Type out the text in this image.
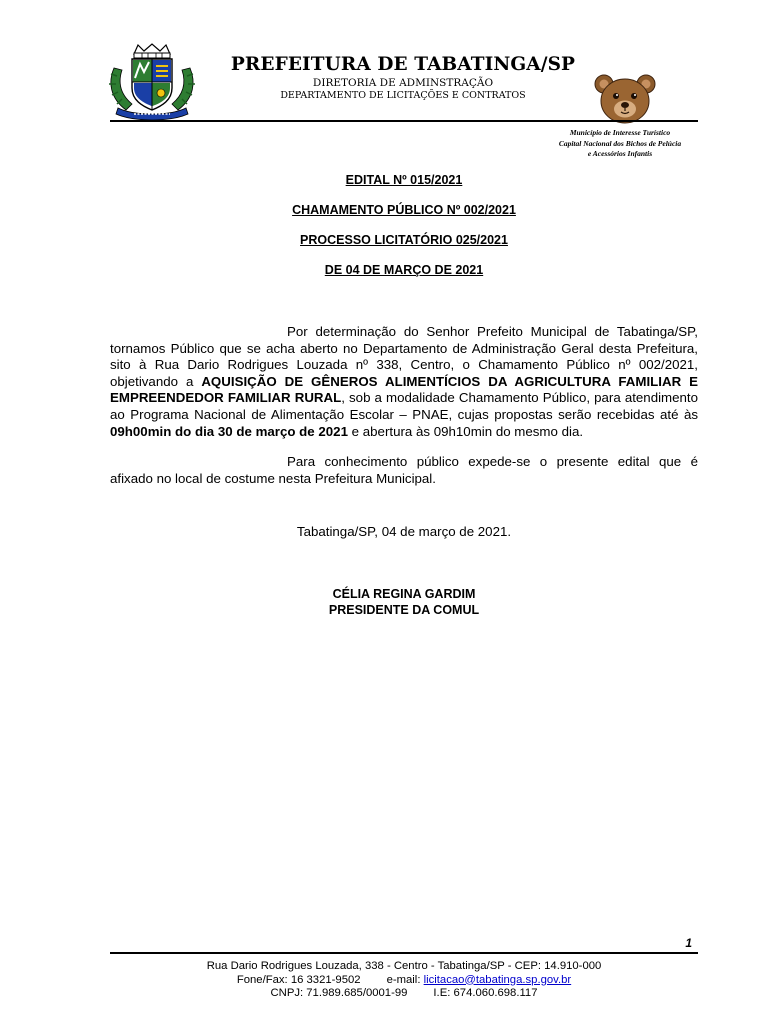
PREFEITURA DE TABATINGA/SP
DIRETORIA DE ADMINSTRAÇÃO
DEPARTAMENTO DE LICITAÇÕES E CONTRATOS
Município de Interesse Turístico
Capital Nacional dos Bichos de Pelúcia
e Acessórios Infantis

EDITAL Nº 015/2021

CHAMAMENTO PÚBLICO Nº 002/2021

PROCESSO LICITATÓRIO 025/2021

DE 04 DE MARÇO DE 2021

Por determinação do Senhor Prefeito Municipal de Tabatinga/SP, tornamos Público que se acha aberto no Departamento de Administração Geral desta Prefeitura, sito à Rua Dario Rodrigues Louzada nº 338, Centro, o Chamamento Público nº 002/2021, objetivando a AQUISIÇÃO DE GÊNEROS ALIMENTÍCIOS DA AGRICULTURA FAMILIAR E EMPREENDEDOR FAMILIAR RURAL, sob a modalidade Chamamento Público, para atendimento ao Programa Nacional de Alimentação Escolar – PNAE, cujas propostas serão recebidas até às 09h00min do dia 30 de março de 2021 e abertura às 09h10min do mesmo dia.

Para conhecimento público expede-se o presente edital que é afixado no local de costume nesta Prefeitura Municipal.

Tabatinga/SP, 04 de março de 2021.
CÉLIA REGINA GARDIM
PRESIDENTE DA COMUL
1
Rua Dario Rodrigues Louzada, 338 - Centro - Tabatinga/SP - CEP: 14.910-000
Fone/Fax: 16 3321-9502 e-mail: licitacao@tabatinga.sp.gov.br
CNPJ: 71.989.685/0001-99 I.E: 674.060.698.117
